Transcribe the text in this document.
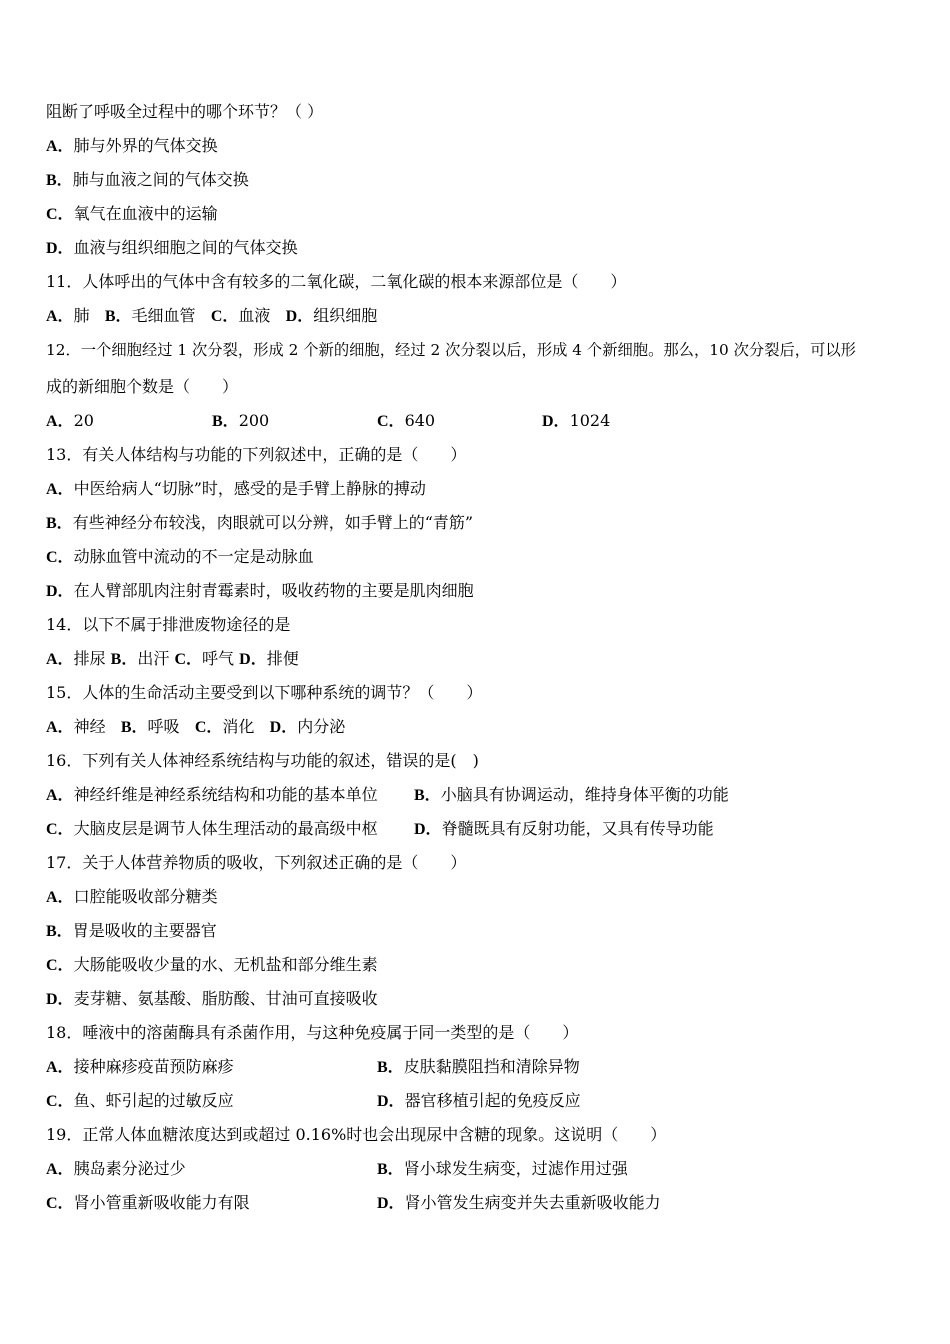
阻断了呼吸全过程中的哪个环节？（ ）
A．肺与外界的气体交换
B．肺与血液之间的气体交换
C．氧气在血液中的运输
D．血液与组织细胞之间的气体交换
11．人体呼出的气体中含有较多的二氧化碳，二氧化碳的根本来源部位是（　　）
A．肺 B．毛细血管 C．血液 D．组织细胞
12．一个细胞经过 1 次分裂，形成 2 个新的细胞，经过 2 次分裂以后，形成 4 个新细胞。那么，10 次分裂后，可以形
成的新细胞个数是（　　）
A．20	B．200	C．640	D．1024
13．有关人体结构与功能的下列叙述中，正确的是（　　）
A．中医给病人“切脉”时，感受的是手臂上静脉的搏动
B．有些神经分布较浅，肉眼就可以分辨，如手臂上的“青筋”
C．动脉血管中流动的不一定是动脉血
D．在人臂部肌肉注射青霉素时，吸收药物的主要是肌肉细胞
14．以下不属于排泄废物途径的是
A．排尿 B．出汗 C．呼气 D．排便
15．人体的生命活动主要受到以下哪种系统的调节？（　　）
A．神经 B．呼吸 C．消化 D．内分泌
16．下列有关人体神经系统结构与功能的叙述，错误的是(　)
A．神经纤维是神经系统结构和功能的基本单位 B．小脑具有协调运动，维持身体平衡的功能
C．大脑皮层是调节人体生理活动的最高级中枢 D．脊髓既具有反射功能，又具有传导功能
17．关于人体营养物质的吸收，下列叙述正确的是（　　）
A．口腔能吸收部分糖类
B．胃是吸收的主要器官
C．大肠能吸收少量的水、无机盐和部分维生素
D．麦芽糖、氨基酸、脂肪酸、甘油可直接吸收
18．唾液中的溶菌酶具有杀菌作用，与这种免疫属于同一类型的是（　　）
A．接种麻疹疫苗预防麻疹	B．皮肤黏膜阻挡和清除异物
C．鱼、虾引起的过敏反应	D．器官移植引起的免疫反应
19．正常人体血糖浓度达到或超过 0.16%时也会出现尿中含糖的现象。这说明（　　）
A．胰岛素分泌过少	B．肾小球发生病变，过滤作用过强
C．肾小管重新吸收能力有限	D．肾小管发生病变并失去重新吸收能力
